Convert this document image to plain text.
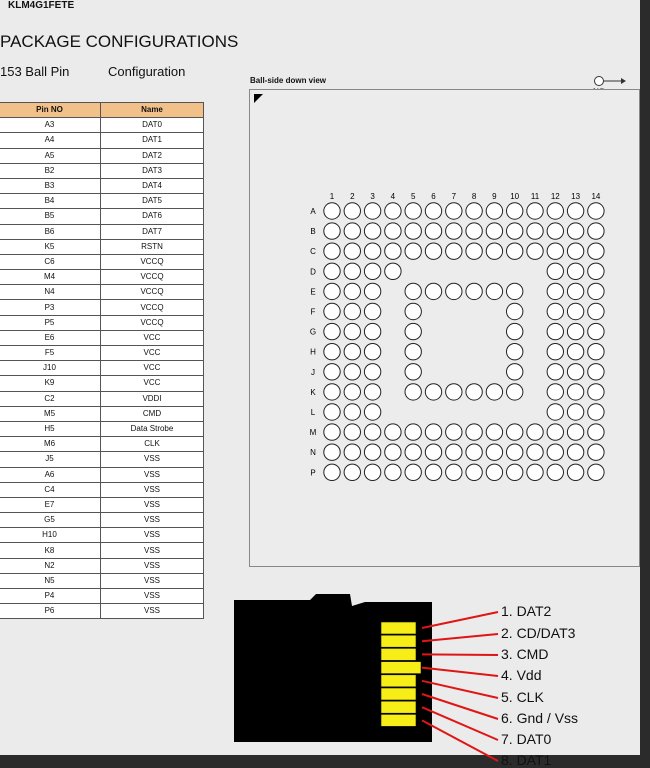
KLM4G1FETE
PACKAGE CONFIGURATIONS
153 Ball Pin	Configuration
Pin NO	Name
A3	DAT0
A4	DAT1
A5	DAT2
B2	DAT3
B3	DAT4
B4	DAT5
B5	DAT6
B6	DAT7
K5	RSTN
C6	VCCQ
M4	VCCQ
N4	VCCQ
P3	VCCQ
P5	VCCQ
E6	VCC
F5	VCC
J10	VCC
K9	VCC
C2	VDDI
M5	CMD
H5	Data Strobe
M6	CLK
J5	VSS
A6	VSS
C4	VSS
E7	VSS
G5	VSS
H10	VSS
K8	VSS
N2	VSS
N5	VSS
P4	VSS
P6	VSS
Ball-side down view
1 2 3 4 5 6 7 8 9 10 11 12 13 14
A
B
C
D
E
F
G
H
J
K
L
M
N
P
1. DAT2
2. CD/DAT3
3. CMD
4. Vdd
5. CLK
6. Gnd / Vss
7. DAT0
8. DAT1
